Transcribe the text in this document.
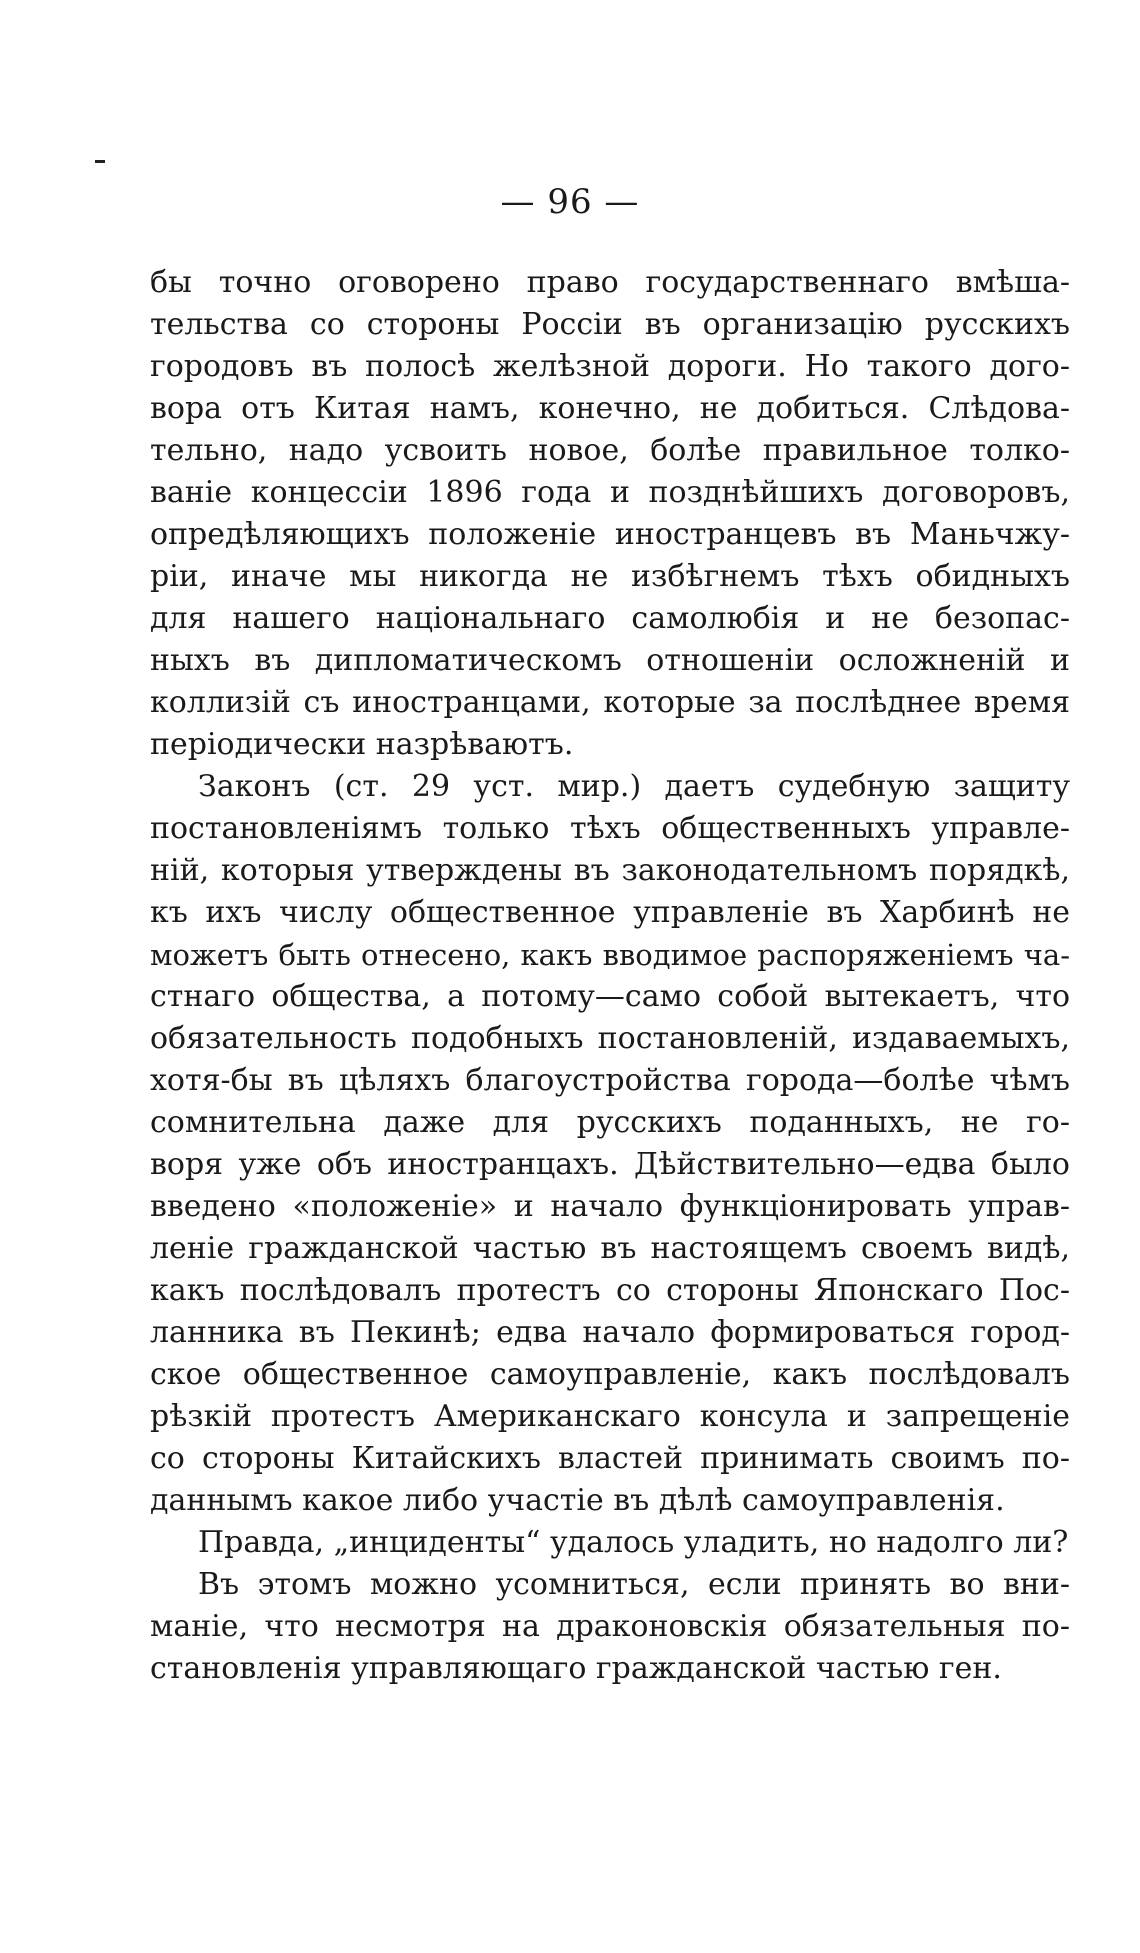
— 96 —
бы точно оговорено право государственнаго вмѣша-
тельства со стороны Россіи въ организацію русскихъ
городовъ въ полосѣ желѣзной дороги. Но такого дого-
вора отъ Китая намъ, конечно, не добиться. Слѣдова-
тельно, надо усвоить новое, болѣе правильное толко-
ваніе концессіи 1896 года и позднѣйшихъ договоровъ,
опредѣляющихъ положеніе иностранцевъ въ Маньчжу-
ріи, иначе мы никогда не избѣгнемъ тѣхъ обидныхъ
для нашего національнаго самолюбія и не безопас-
ныхъ въ дипломатическомъ отношеніи осложненій и
коллизій съ иностранцами, которые за послѣднее время
періодически назрѣваютъ.
Законъ (ст. 29 уст. мир.) даетъ судебную защиту
постановленіямъ только тѣхъ общественныхъ управле-
ній, которыя утверждены въ законодательномъ порядкѣ,
къ ихъ числу общественное управленіе въ Харбинѣ не
можетъ быть отнесено, какъ вводимое распоряженіемъ ча-
стнаго общества, а потому—само собой вытекаетъ, что
обязательность подобныхъ постановленій, издаваемыхъ,
хотя-бы въ цѣляхъ благоустройства города—болѣе чѣмъ
сомнительна даже для русскихъ поданныхъ, не го-
воря уже объ иностранцахъ. Дѣйствительно—едва было
введено «положеніе» и начало функціонировать управ-
леніе гражданской частью въ настоящемъ своемъ видѣ,
какъ послѣдовалъ протестъ со стороны Японскаго Пос-
ланника въ Пекинѣ; едва начало формироваться город-
ское общественное самоуправленіе, какъ послѣдовалъ
рѣзкій протестъ Американскаго консула и запрещеніе
со стороны Китайскихъ властей принимать своимъ по-
даннымъ какое либо участіе въ дѣлѣ самоуправленія.
Правда, „инциденты“ удалось уладить, но надолго ли?
Въ этомъ можно усомниться, если принять во вни-
маніе, что несмотря на драконовскія обязательныя по-
становленія управляющаго гражданской частью ген.
